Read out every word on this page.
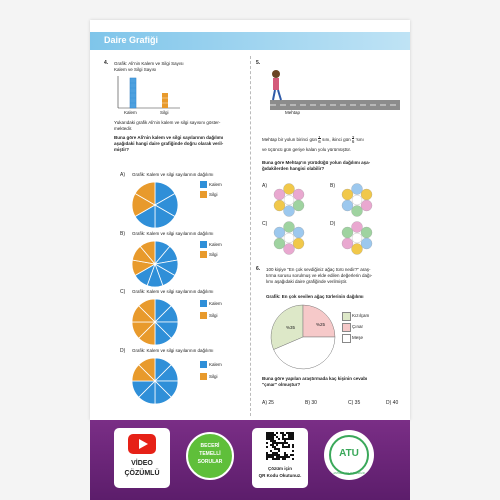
Daire Grafiği
4. Grafik: Ali'nin Kalem ve Silgi Sayısı
Kalem ve Silgi Sayısı
Kalem	Silgi
Yukarıdaki grafik Ali'nin kalem ve silgi sayısını göster-
mektedir.
Buna göre Ali'nin kalem ve silgi sayılarının dağılımı
aşağıdaki hangi daire grafiğinde doğru olarak veril-
miştir?
A) Grafik: Kalem ve silgi sayılarının dağılımı
Kalem
Silgi
B) Grafik: Kalem ve silgi sayılarının dağılımı
Kalem
Silgi
C) Grafik: Kalem ve silgi sayılarının dağılımı
Kalem
Silgi
D) Grafik: Kalem ve silgi sayılarının dağılımı
Kalem
Silgi
5.
Mehtap
Mehtap bir yolun birinci gün 1
6 sını, ikinci gün 2
6 'sını
ve üçüncü gün geriye kalan yolu yürümüştür.
Buna göre Mehtap'ın yürüdüğü yolun dağılımı aşa-
ğıdakilerden hangisi olabilir?
A)	B)
C)	D)
6. 100 kişiye "En çok sevdiğiniz ağaç türü nedir?" araş-
tırma sorusu sorulmuş ve elde edilen değerlerin dağı-
lımı aşağıdaki daire grafiğinde verilmiştir.
Grafik: En çok sevilen ağaç türlerinin dağılımı
%35
%25
Kızılçam
Çınar
Meşe
Buna göre yapılan araştırmada kaç kişinin cevabı
"çınar" olmuştur?
A) 25	B) 30	C) 35	D) 40
VİDEO
ÇÖZÜMLÜ
BECERİ
TEMELLİ
SORULAR
Çözüm için
QR Kodu Okutunuz.
ATU
ANTRENMAN YAPILABİLİR
